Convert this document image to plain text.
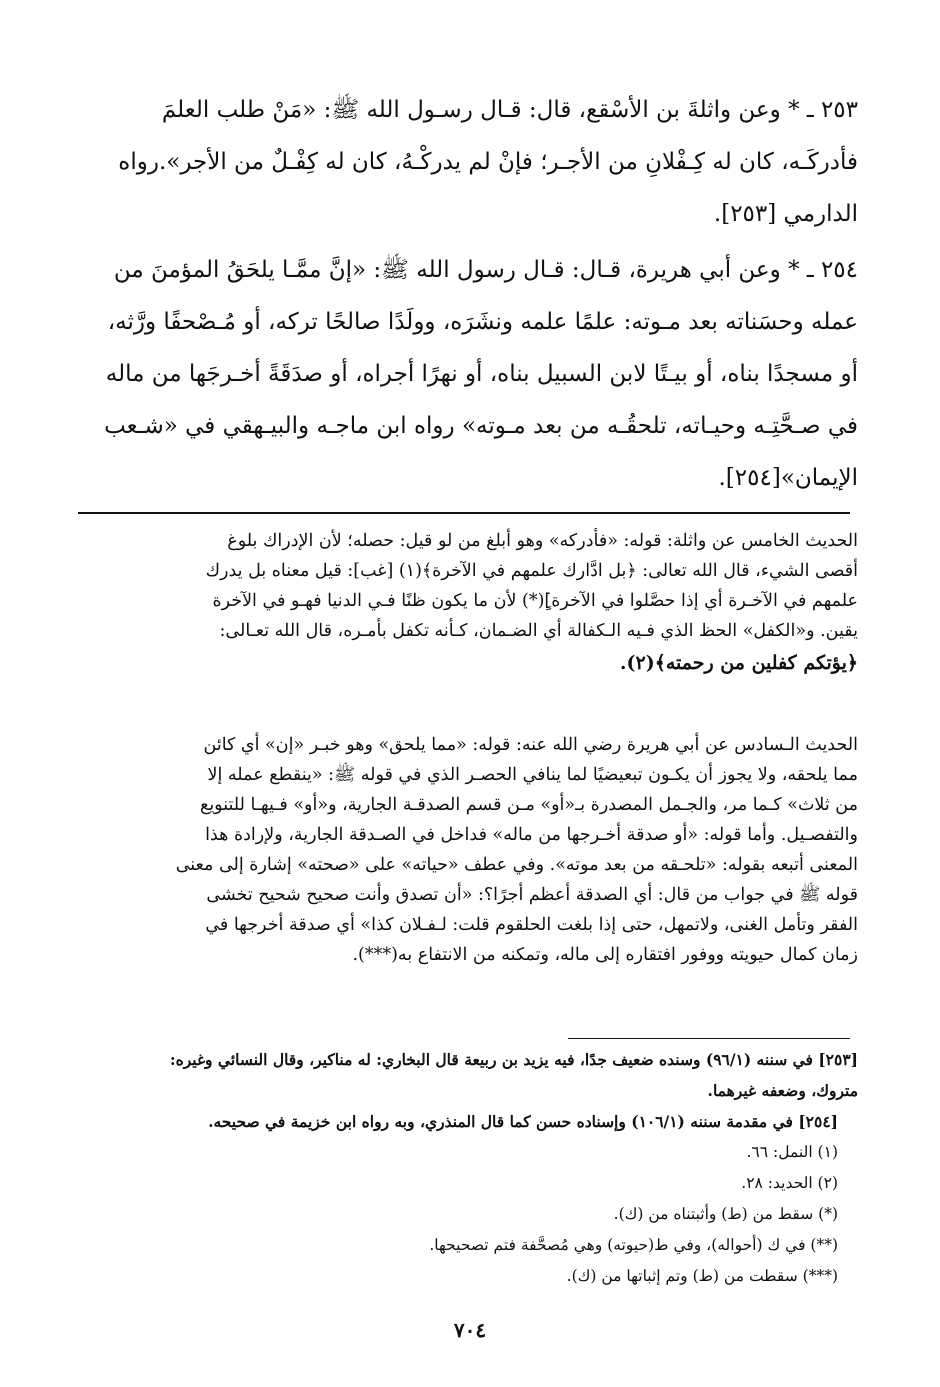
٢٥٣ ـ * وعن واثلةَ بن الأسْقع، قال: قـال رسـول الله ﷺ: «مَنْ طلب العلمَ
فأدركَـه، كان له كِـفْلانِ من الأجـر؛ فإنْ لم يدركْـهُ، كان له كِفْـلٌ من الأجر».رواه
الدارمي [٢٥٣].
٢٥٤ ـ * وعن أبي هريرة، قـال: قـال رسول الله ﷺ: «إنَّ ممَّـا يلحَقُ المؤمنَ من
عمله وحسَناته بعد مـوته: علمًا علمه ونشَرَه، وولَدًا صالحًا تركه، أو مُـصْحفًا ورَّثه،
أو مسجدًا بناه، أو بيـتًا لابن السبيل بناه، أو نهرًا أجراه، أو صدَقَةً أخـرجَها من ماله
في صـحَّتِـه وحيـاته، تلحقُـه من بعد مـوته» رواه ابن ماجـه والبيـهقي في «شـعب
الإيمان»[٢٥٤].
الحديث الخامس عن واثلة: قوله: «فأدركه» وهو أبلغ من لو قيل: حصله؛ لأن الإدراك بلوغ
أقصى الشيء، قال الله تعالى: ﴿بل ادَّارك علمهم في الآخرة﴾(١) [غب]: قيل معناه بل يدرك
علمهم في الآخـرة أي إذا حصَّلوا في الآخرة]ٍ(*) لأن ما يكون ظنًا فـي الدنيا فهـو في الآخرة
يقين. و«الكفل» الحظ الذي فـيه الـكفالة أي الضـمان، كـأنه تكفل بأمـره، قال الله تعـالى:
﴿يؤتكم كفلين من رحمته﴾(٢).
الحديث الـسادس عن أبي هريرة رضي الله عنه: قوله: «مما يلحق» وهو خبـر «إن» أي كائن
مما يلحقه، ولا يجوز أن يكـون تبعيضيًا لما ينافي الحصـر الذي في قوله ﷺ: «ينقطع عمله إلا
من ثلاث» كـما مر، والجـمل المصدرة بـ«أو» مـن قسم الصدقـة الجارية، و«أو» فـيهـا للتنويع
والتفصـيل. وأما قوله: «أو صدقة أخـرجها من ماله» فداخل في الصـدقة الجارية، ولإرادة هذا
المعنى أتبعه بقوله: «تلحـقه من بعد موته». وفي عطف «حياته» على «صحته» إشارة إلى معنى
قوله ﷺ في جواب من قال: أي الصدقة أعظم أجرًا؟: «أن تصدق وأنت صحيح شحيح تخشى
الفقر وتأمل الغنى، ولاتمهل، حتى إذا بلغت الحلقوم قلت: لـفـلان كذا» أي صدقة أخرجها في
زمان كمال حيويته ووفور افتقاره إلى ماله، وتمكنه من الانتفاع به(***).
[٢٥٣] في سننه (٩٦/١) وسنده ضعيف جدًا، فيه يزيد بن ربيعة قال البخاري: له مناكير، وقال النسائي وغيره:
متروك، وضعفه غيرهما.
[٢٥٤] في مقدمة سننه (١٠٦/١) وإسناده حسن كما قال المنذري، وبه رواه ابن خزيمة في صحيحه.
(١) النمل: ٦٦.
(٢) الحديد: ٢٨.
(*) سقط من (ط) وأثبتناه من (ك).
(**) في ك (أحواله)، وفي ط(حيوته) وهي مُصحَّفة فتم تصحيحها.
(***) سقطت من (ط) وتم إثباتها من (ك).
٧٠٤
